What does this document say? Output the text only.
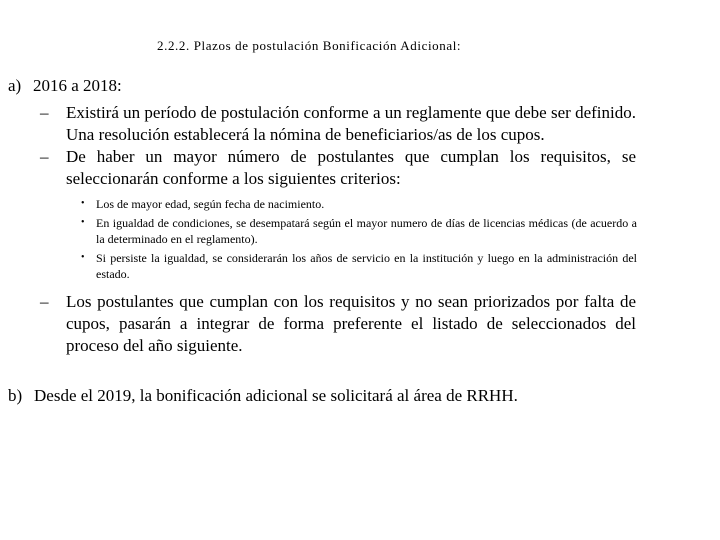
2.2.2. Plazos de postulación Bonificación Adicional:
a) 2016 a 2018:
– Existirá un período de postulación conforme a un reglamente que debe ser definido. Una resolución establecerá la nómina de beneficiarios/as de los cupos.
– De haber un mayor número de postulantes que cumplan los requisitos, se seleccionarán conforme a los siguientes criterios:
• Los de mayor edad, según fecha de nacimiento.
• En igualdad de condiciones, se desempatará según el mayor numero de días de licencias médicas (de acuerdo a la determinado en el reglamento).
• Si persiste la igualdad, se considerarán los años de servicio en la institución y luego en la administración del estado.
– Los postulantes que cumplan con los requisitos y no sean priorizados por falta de cupos, pasarán a integrar de forma preferente el listado de seleccionados del proceso del año siguiente.
b) Desde el 2019, la bonificación adicional se solicitará al área de RRHH.
